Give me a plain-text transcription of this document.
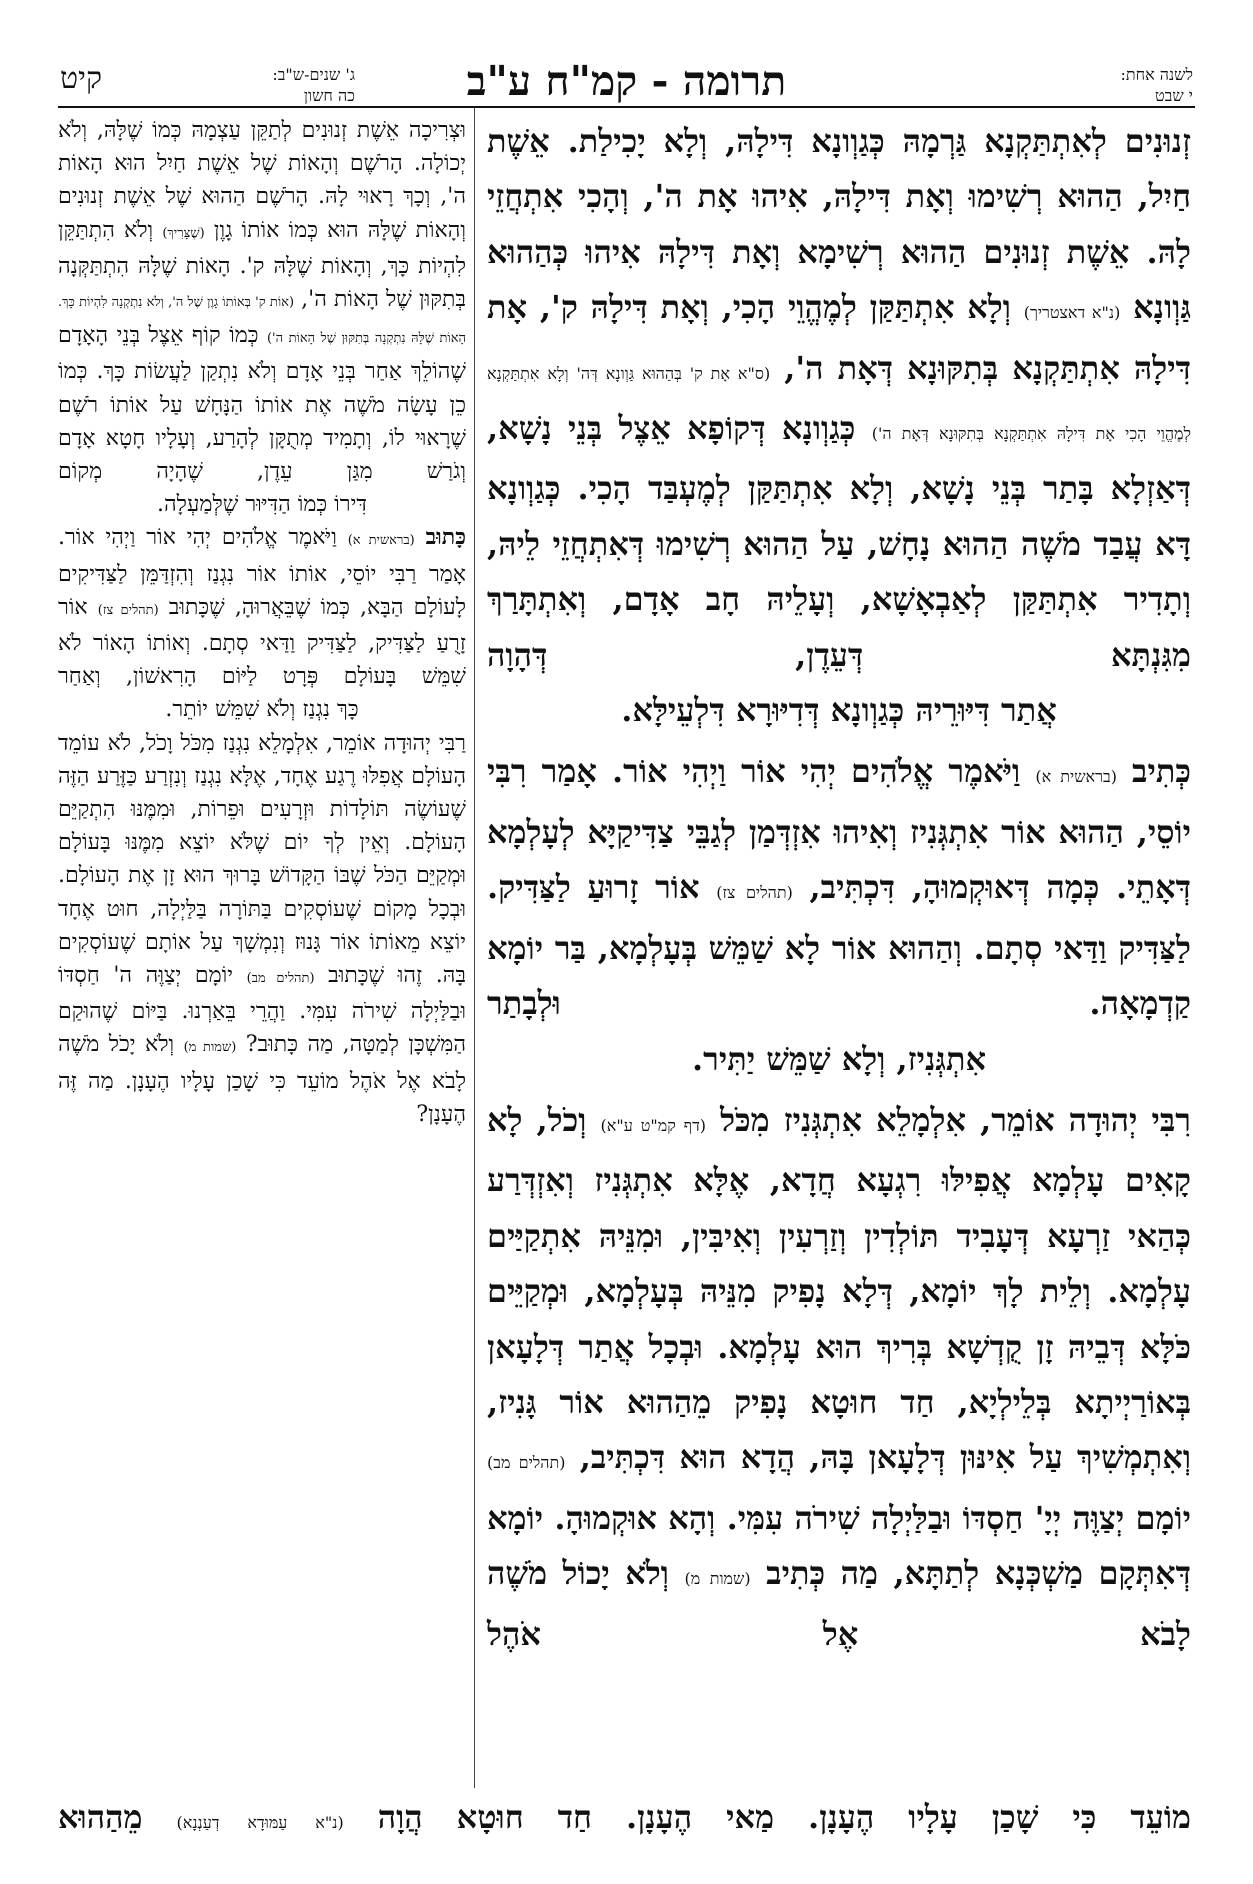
לשנה אחת:
י שבט
תרומה - קמ"ח ע"ב
ג' שנים-ש"ב:
כה חשון
קיט

זְנוּנִים לְאִתְתַּקְנָא גַּרְמָהּ כְּגַוְונָא דִּילָהּ, וְלָא יָכִילַת. אֵשֶׁת חַיִל, הַהוּא רְשִׁימוּ וְאָת דִּילָהּ, אִיהוּ אָת ה', וְהָכִי אִתְחֲזֵי לָהּ. אֵשֶׁת זְנוּנִים הַהוּא רְשִׁימָא וְאָת דִּילָהּ אִיהוּ כְּהַהוּא גַּוְונָא (נ"א דאצטריך) וְלָא אִתְתַּקַּן לְמֶהֱוֵי הָכִי, וְאָת דִּילָהּ ק', אָת דִּילָהּ אִתְתַּקְנָא בְּתִקּוּנָא דְּאָת ה', (ס"א אָת ק' בְּהַהוּא גַּוְונָא דְּה' וְלָא אִתְתַּקְנָא לְמֶהֱוֵי הָכִי אָת דִּילָהּ אִתְתַּקְנָא בְּתִקּוּנָא דְּאָת ה') כְּגַוְונָא דְּקוֹפָא אֵצֶל בְּנֵי נָשָׁא, דְּאַזְלָא בָּתַר בְּנֵי נָשָׁא, וְלָא אִתְתַּקַּן לְמֶעְבַּד הָכִי. כְּגַוְונָא דָּא עֲבַד מֹשֶׁה הַהוּא נָחָשׁ, עַל הַהוּא רְשִׁימוּ דְּאִתְחֲזֵי לֵיהּ, וְתָדִיר אִתְתַּקַּן לְאַבְאָשָׁא, וְעָלֵיהּ חָב אָדָם, וְאִתְתָּרַךְ מִגִּנְתָּא דְּעֵדֶן, דְּהָוָה

אֲתַר דִּיּוּרֵיהּ כְּגַוְונָא דְּדִיּוּרָא דִּלְעֵילָּא.

כְּתִיב (בראשית א) וַיֹּאמֶר אֱלֹהִים יְהִי אוֹר וַיְהִי אוֹר. אָמַר רִבִּי יוֹסֵי, הַהוּא אוֹר אִתְגְּנִיז וְאִיהוּ אִזְדְּמַן לְגַבֵּי צַדִּיקַיָּא לְעָלְמָא דְּאָתֵי. כְּמָה דְּאוּקְמוּהָ, דִּכְתִּיב, (תהלים צז) אוֹר זָרוּעַ לַצַּדִּיק. לַצַּדִּיק וַדַּאי סְתָם. וְהַהוּא אוֹר לָא שַׁמֵּשׁ בְּעָלְמָא, בַּר יוֹמָא קַדְמָאָה. וּלְבָתַר

אִתְגְּנִיז, וְלָא שַׁמֵּשׁ יַתִּיר.

רִבִּי יְהוּדָה אוֹמֵר, אִלְמָלֵא אִתְגְּנִיז מִכֹּל (דף קמ"ט ע"א) וְכֹל, לָא קָאִים עָלְמָא אֲפִילּוּ רִגְעָא חֲדָא, אֶלָּא אִתְגְּנִיז וְאִזְדְּרַע כְּהַאי זַרְעָא דְּעָבִיד תּוֹלְדִין וְזַרְעִין וְאִיבִּין, וּמִנֵּיהּ אִתְקַיַּים עָלְמָא. וְלֵית לָךְ יוֹמָא, דְּלָא נָפִיק מִנֵּיהּ בְּעָלְמָא, וּמְקַיֵּים כֹּלָּא דְּבֵיהּ זָן קֻדְשָׁא בְּרִיךְ הוּא עָלְמָא. וּבְכָל אֲתַר דְּלָעָאן בְּאוֹרַיְיתָא בְּלֵילְיָא, חַד חוּטָא נָפִיק מֵהַהוּא אוֹר גָּנִיז, וְאִתְמְשִׁיךְ עַל אִינּוּן דְּלָעָאן בָּהּ, הֲדָא הוּא דִּכְתִּיב, (תהלים מב) יוֹמָם יְצַוֶּה יְיָ' חַסְדּוֹ וּבַלַּיְלָה שִׁירֹה עִמִּי. וְהָא אוּקְמוּהָ. יוֹמָא דְּאִתְּקָם מַשְׁכְּנָא לְתַתָּא, מַה כְּתִיב (שמות מ) וְלֹא יָכוֹל מֹשֶׁה לָבֹא אֶל אֹהֶל

וּצְרִיכָה אֵשֶׁת זְנוּנִים לְתַקֵּן עַצְמָהּ כְּמוֹ שֶׁלָּהּ, וְלֹא יְכוֹלָה. הָרֹשֶׁם וְהָאוֹת שֶׁל אֵשֶׁת חַיִל הוּא הָאוֹת ה', וְכָךְ רָאוּי לָהּ. הָרֹשֶׁם הַהוּא שֶׁל אֵשֶׁת זְנוּנִים וְהָאוֹת שֶׁלָּהּ הוּא כְּמוֹ אוֹתוֹ גָוֶן (שֶׁצָּרִיךְ) וְלֹא הִתְתַּקֵּן לִהְיוֹת כָּךְ, וְהָאוֹת שֶׁלָּהּ ק'. הָאוֹת שֶׁלָּהּ הִתְתַּקְּנָה בְּתִקּוּן שֶׁל הָאוֹת ה', (אוֹת ק' בְּאוֹתוֹ גָוֶן שֶׁל ה', וְלֹא נִתְקְנָה לִהְיוֹת כָּךְ. הָאוֹת שֶׁלָּהּ נִתְקְנָה בְּתִקּוּן שֶׁל הָאוֹת ה') כְּמוֹ קוֹף אֵצֶל בְּנֵי הָאָדָם שֶׁהוֹלֵךְ אַחַר בְּנֵי אָדָם וְלֹא נִתְקַן לַעֲשׂוֹת כָּךְ. כְּמוֹ כֵן עָשָׂה מֹשֶׁה אֶת אוֹתוֹ הַנָּחָשׁ עַל אוֹתוֹ רֹשֶׁם שֶׁרָאוּי לוֹ, וְתָמִיד מְתֻקָּן לְהָרַע, וְעָלָיו חָטָא אָדָם וְגֹרַשׁ מִגַּן עֵדֶן, שֶׁהָיָה מְקוֹם

דִּירוֹ כְּמוֹ הַדִּיּוּר שֶׁלְּמַעְלָה.

כָּתוּב (בראשית א) וַיֹּאמֶר אֱלֹהִים יְהִי אוֹר וַיְהִי אוֹר. אָמַר רַבִּי יוֹסֵי, אוֹתוֹ אוֹר נִגְנַז וְהִזְדַּמֵּן לַצַּדִּיקִים לָעוֹלָם הַבָּא, כְּמוֹ שֶׁבֵּאֲרוּהָ, שֶׁכָּתוּב (תהלים צז) אוֹר זָרֻעַ לַצַּדִּיק, לַצַּדִּיק וַדַּאי סְתָם. וְאוֹתוֹ הָאוֹר לֹא שִׁמֵּשׁ בָּעוֹלָם פְּרָט לַיּוֹם הָרִאשׁוֹן, וְאַחַר

כָּךְ נִגְנַז וְלֹא שִׁמֵּשׁ יוֹתֵר.

רַבִּי יְהוּדָה אוֹמֵר, אִלְמָלֵא נִגְנַז מִכֹּל וָכֹל, לֹא עוֹמֵד הָעוֹלָם אֲפִלּוּ רֶגַע אֶחָד, אֶלָּא נִגְנַז וְנִזְרַע כַּזֶּרַע הַזֶּה שֶׁעוֹשֶׂה תּוֹלָדוֹת וּזְרָעִים וּפֵרוֹת, וּמִמֶּנּוּ הִתְקַיֵּם הָעוֹלָם. וְאֵין לְךָ יוֹם שֶׁלֹּא יוֹצֵא מִמֶּנּוּ בָּעוֹלָם וּמְקַיֵּם הַכֹּל שֶׁבּוֹ הַקָּדוֹשׁ בָּרוּךְ הוּא זָן אֶת הָעוֹלָם. וּבְכָל מָקוֹם שֶׁעוֹסְקִים בַּתּוֹרָה בַּלַּיְלָה, חוּט אֶחָד יוֹצֵא מֵאוֹתוֹ אוֹר גָּנוּז וְנִמְשָׁךְ עַל אוֹתָם שֶׁעוֹסְקִים בָּהּ. זֶהוּ שֶׁכָּתוּב (תהלים מב) יוֹמָם יְצַוֶּה ה' חַסְדּוֹ וּבַלַּיְלָה שִׁירֹה עִמִּי. וַהֲרֵי בֵּאַרְנוּ. בַּיּוֹם שֶׁהוּקַם הַמִּשְׁכָּן לְמַטָּה, מַה כָּתוּב? (שמות מ) וְלֹא יָכֹל מֹשֶׁה לָבֹא אֶל אֹהֶל מוֹעֵד כִּי שָׁכַן עָלָיו הֶעָנָן. מַה זֶּה הֶעָנָן?

מוֹעֵד כִּי שָׁכַן עָלָיו הֶעָנָן. מַאי הֶעָנָן. חַד חוּטָא הֲוָה (נ"א עַמּוּדָא דְעַנְנָא) מֵהַהוּא
